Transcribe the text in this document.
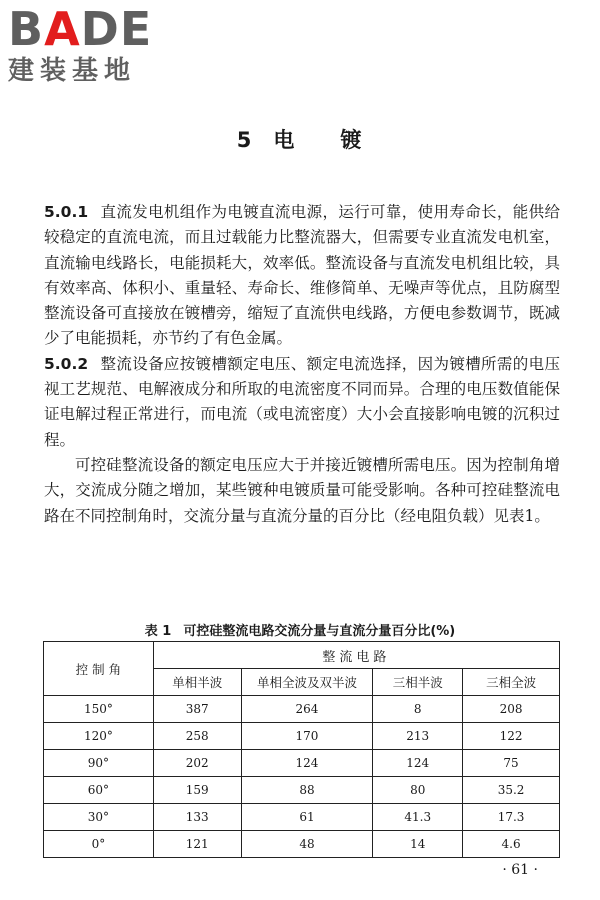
BADE
建装基地
5 电 镀

5.0.1 直流发电机组作为电镀直流电源，运行可靠，使用寿命长，能供给较稳定的直流电流，而且过载能力比整流器大，但需要专业直流发电机室，直流输电线路长，电能损耗大，效率低。整流设备与直流发电机组比较，具有效率高、体积小、重量轻、寿命长、维修简单、无噪声等优点，且防腐型整流设备可直接放在镀槽旁，缩短了直流供电线路，方便电参数调节，既减少了电能损耗，亦节约了有色金属。

5.0.2 整流设备应按镀槽额定电压、额定电流选择，因为镀槽所需的电压视工艺规范、电解液成分和所取的电流密度不同而异。合理的电压数值能保证电解过程正常进行，而电流（或电流密度）大小会直接影响电镀的沉积过程。

可控硅整流设备的额定电压应大于并接近镀槽所需电压。因为控制角增大，交流成分随之增加，某些镀种电镀质量可能受影响。各种可控硅整流电路在不同控制角时，交流分量与直流分量的百分比（经电阻负载）见表1。

表 1 可控硅整流电路交流分量与直流分量百分比(%)
控 制 角	整流电路			
	单相半波	单相全波及双半波	三相半波	三相全波
150°	387	264	8	208
120°	258	170	213	122
90°	202	124	124	75
60°	159	88	80	35.2
30°	133	61	41.3	17.3
0°	121	48	14	4.6
· 61 ·
